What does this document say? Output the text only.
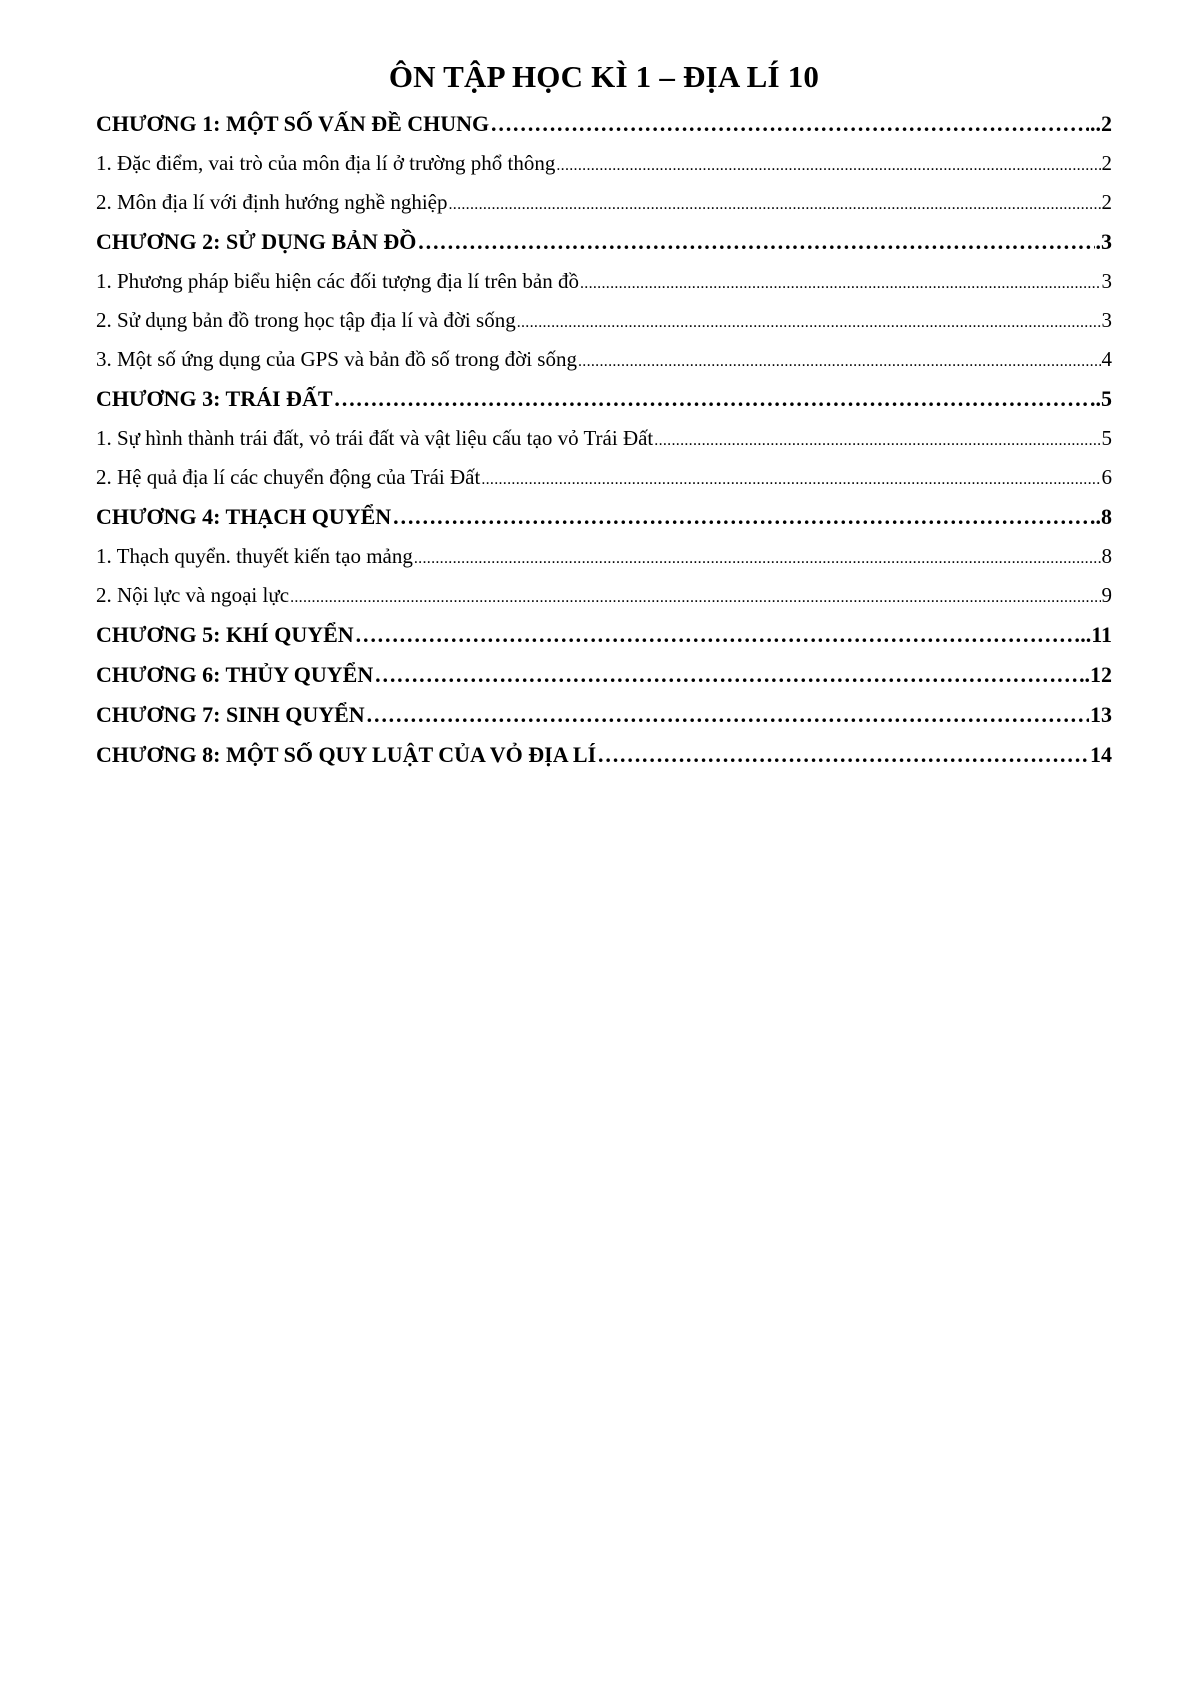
ÔN TẬP HỌC KÌ 1 – ĐỊA LÍ 10
CHƯƠNG 1: MỘT SỐ VẤN ĐỀ CHUNG …………………………………………………………………………………………………………………………………………………………………………………………	..2
1. Đặc điểm, vai trò của môn địa lí ở trường phổ thông .....	2
2. Môn địa lí với định hướng nghề nghiệp .....	2
CHƯƠNG 2: SỬ DỤNG BẢN ĐỒ …………………………………………………………………………………………………………………………………………………………………………………………	.3
1. Phương pháp biểu hiện các đối tượng địa lí trên bản đồ .....	3
2. Sử dụng bản đồ trong học tập địa lí và đời sống .....	3
3. Một số ứng dụng của GPS và bản đồ số trong đời sống .....	4
CHƯƠNG 3: TRÁI ĐẤT …………………………………………………………………………………………………………………………………………………………………………………………	..5
1. Sự hình thành trái đất, vỏ trái đất và vật liệu cấu tạo vỏ Trái Đất .....	5
2. Hệ quả địa lí các chuyển động của Trái Đất .....	6
CHƯƠNG 4: THẠCH QUYỂN …………………………………………………………………………………………………………………………………………………………………………………………	.8
1. Thạch quyển. thuyết kiến tạo mảng .....	8
2. Nội lực và ngoại lực .....	9
CHƯƠNG 5: KHÍ QUYỂN …………………………………………………………………………………………………………………………………………………………………………………………	..11
CHƯƠNG 6: THỦY QUYỂN …………………………………………………………………………………………………………………………………………………………………………………………	.12
CHƯƠNG 7: SINH QUYỂN …………………………………………………………………………………………………………………………………………………………………………………………	13
CHƯƠNG 8: MỘT SỐ QUY LUẬT CỦA VỎ ĐỊA LÍ …………………………………………………………………………………………………………………………………………………………………………………………	14
